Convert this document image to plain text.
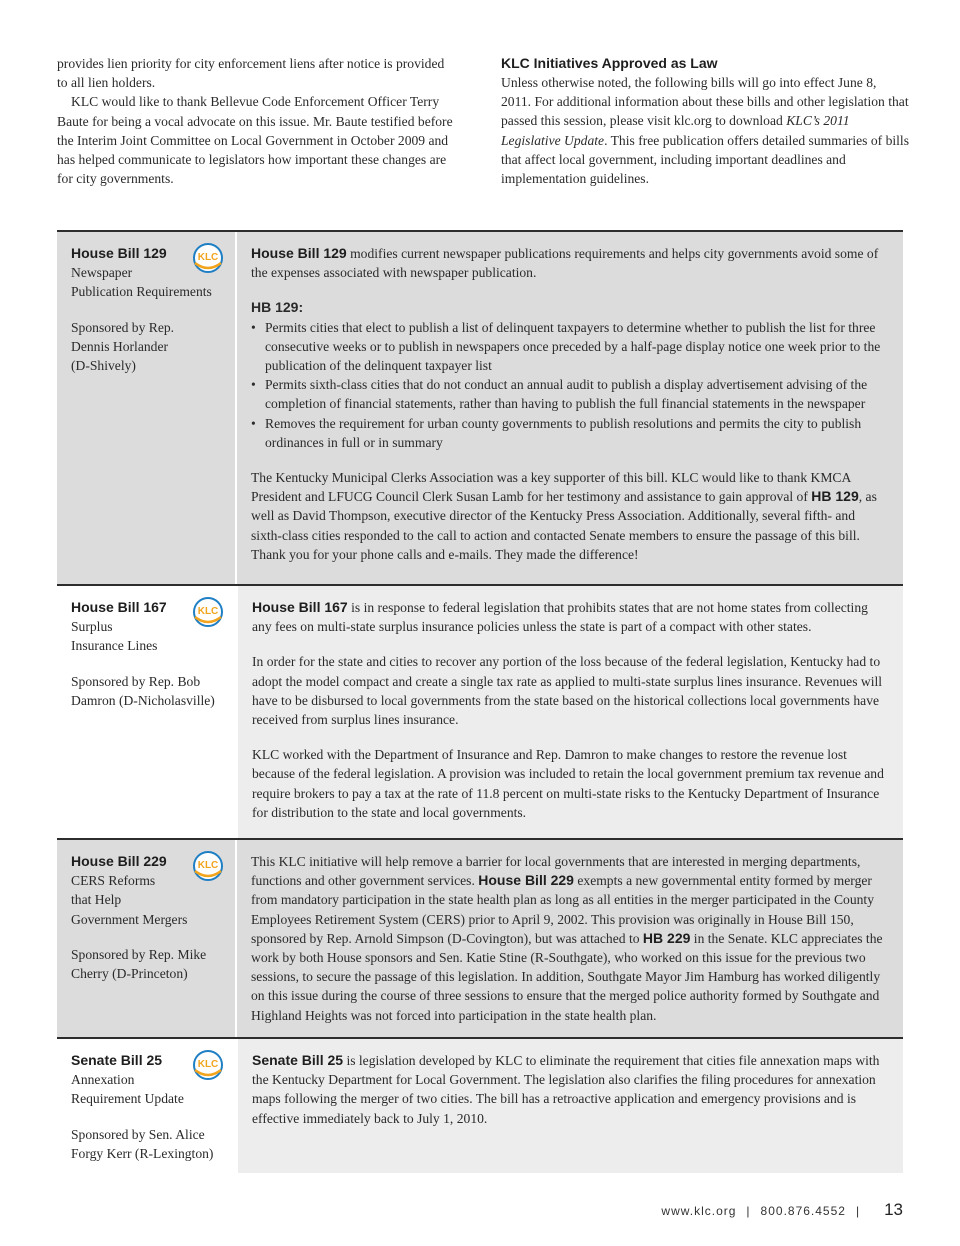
provides lien priority for city enforcement liens after notice is provided to all lien holders.

KLC would like to thank Bellevue Code Enforcement Officer Terry Baute for being a vocal advocate on this issue. Mr. Baute testified before the Interim Joint Committee on Local Government in October 2009 and has helped communicate to legislators how important these changes are for city governments.

KLC Initiatives Approved as Law

Unless otherwise noted, the following bills will go into effect June 8, 2011. For additional information about these bills and other legislation that passed this session, please visit klc.org to download KLC’s 2011 Legislative Update. This free publication offers detailed summaries of bills that affect local government, including important deadlines and implementation guidelines.

KLC
House Bill 129
Newspaper
Publication Requirements
Sponsored by Rep.
Dennis Horlander
(D-Shively)

House Bill 129 modifies current newspaper publications requirements and helps city governments avoid some of the expenses associated with newspaper publication.

HB 129:
• Permits cities that elect to publish a list of delinquent taxpayers to determine whether to publish the list for three consecutive weeks or to publish in newspapers once preceded by a half-page display notice one week prior to the publication of the delinquent taxpayer list
• Permits sixth-class cities that do not conduct an annual audit to publish a display advertisement advising of the completion of financial statements, rather than having to publish the full financial statements in the newspaper
• Removes the requirement for urban county governments to publish resolutions and permits the city to publish ordinances in full or in summary

The Kentucky Municipal Clerks Association was a key supporter of this bill. KLC would like to thank KMCA President and LFUCG Council Clerk Susan Lamb for her testimony and assistance to gain approval of HB 129, as well as David Thompson, executive director of the Kentucky Press Association. Additionally, several fifth- and sixth-class cities responded to the call to action and contacted Senate members to ensure the passage of this bill. Thank you for your phone calls and e-mails. They made the difference!

KLC
House Bill 167
Surplus
Insurance Lines
Sponsored by Rep. Bob
Damron (D-Nicholasville)

House Bill 167 is in response to federal legislation that prohibits states that are not home states from collecting any fees on multi-state surplus insurance policies unless the state is part of a compact with other states.

In order for the state and cities to recover any portion of the loss because of the federal legislation, Kentucky had to adopt the model compact and create a single tax rate as applied to multi-state surplus lines insurance. Revenues will have to be disbursed to local governments from the state based on the historical collections local governments have received from surplus lines insurance.

KLC worked with the Department of Insurance and Rep. Damron to make changes to restore the revenue lost because of the federal legislation. A provision was included to retain the local government premium tax revenue and require brokers to pay a tax at the rate of 11.8 percent on multi-state risks to the Kentucky Department of Insurance for distribution to the state and local governments.

KLC
House Bill 229
CERS Reforms
that Help
Government Mergers
Sponsored by Rep. Mike
Cherry (D-Princeton)

This KLC initiative will help remove a barrier for local governments that are interested in merging departments, functions and other government services. House Bill 229 exempts a new governmental entity formed by merger from mandatory participation in the state health plan as long as all entities in the merger participated in the County Employees Retirement System (CERS) prior to April 9, 2002. This provision was originally in House Bill 150, sponsored by Rep. Arnold Simpson (D-Covington), but was attached to HB 229 in the Senate. KLC appreciates the work by both House sponsors and Sen. Katie Stine (R-Southgate), who worked on this issue for the previous two sessions, to secure the passage of this legislation. In addition, Southgate Mayor Jim Hamburg has worked diligently on this issue during the course of three sessions to ensure that the merged police authority formed by Southgate and Highland Heights was not forced into participation in the state health plan.

KLC
Senate Bill 25
Annexation
Requirement Update
Sponsored by Sen. Alice
Forgy Kerr (R-Lexington)

Senate Bill 25 is legislation developed by KLC to eliminate the requirement that cities file annexation maps with the Kentucky Department for Local Government. The legislation also clarifies the filing procedures for annexation maps following the merger of two cities. The bill has a retroactive application and emergency provisions and is effective immediately back to July 1, 2010.

www.klc.org | 800.876.4552 | 13
